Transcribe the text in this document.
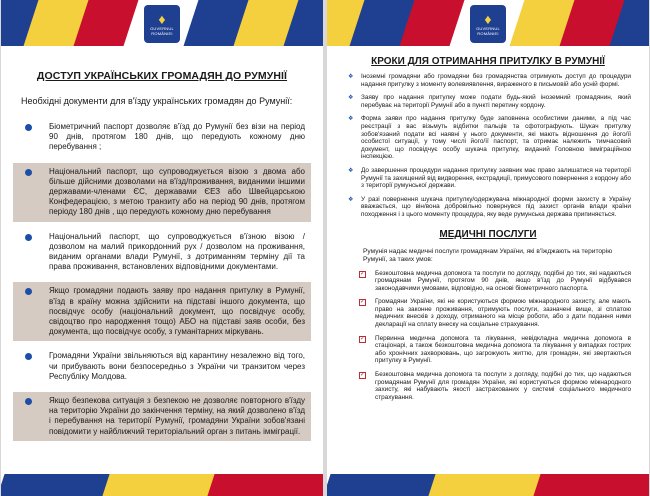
♦
GUVERNUL ROMÂNIEI
ДОСТУП УКРАЇНСЬКИХ ГРОМАДЯН ДО РУМУНІЇ

Необхідні документи для в'їзду українських громадян до Румунії:

Біометричний паспорт дозволяє в'їзд до Румунії без візи на період 90 днів, протягом 180 днів, що передують кожному дню перебування ;
Національний паспорт, що супроводжується візою з двома або більше дійсними дозволами на в'їзд/проживання, виданими іншими державами-членами ЄС, державами ЄЕЗ або Швейцарською Конфедерацією, з метою транзиту або на період 90 днів, протягом періоду 180 днів , що передують кожному дню перебування
Національний паспорт, що супроводжується в'їзною візою / дозволом на малий прикордонний рух / дозволом на проживання, виданим органами влади Румунії, з дотриманням терміну дії та права проживання, встановлених відповідними документами.
Якщо громадяни подають заяву про надання притулку в Румунії, в'їзд в країну можна здійснити на підставі іншого документа, що посвідчує особу (національний документ, що посвідчує особу, свідоцтво про народження тощо) АБО на підставі заяв особи, без документа, що посвідчує особу, з гуманітарних міркувань.
Громадяни України звільняються від карантину незалежно від того, чи прибувають вони безпосередньо з України чи транзитом через Республіку Молдова.
Якщо безпекова ситуація з безпекою не дозволяє повторного в'їзду на територію України до закінчення терміну, на який дозволено в'їзд і перебування на території Румунії, громадяни України зобов'язані повідомити у найближчий територіальний орган з питань імміграції.
♦
GUVERNUL ROMÂNIEI
КРОКИ ДЛЯ ОТРИМАННЯ ПРИТУЛКУ В РУМУНІЇ
❖ Іноземні громадяни або громадяни без громадянства отримують доступ до процедури надання притулку з моменту волевиявлення, вираженого в письмовій або усній формі.
❖ Заяву про надання притулку може подати будь-який іноземний громадянин, який перебуває на території Румунії або в пункті перетину кордону.
❖ Форма заяви про надання притулку буде заповнена особистими даними, а під час реєстрації з вас візьмуть відбитки пальців та сфотографують. Шукач притулку зобов'язаний подати всі наявні у нього документи, які мають відношення до його/її особистої ситуації, у тому числі його/її паспорт, та отримає належить тимчасовий документ, що посвідчує особу шукача притулку, виданий Головною імміграційною інспекцією.
❖ До завершення процедури надання притулку заявник має право залишатися на території Румунії та захищений від видворення, екстрадиції, примусового повернення з кордону або з території румунської держави.
❖ У разі повернення шукача притулку/одержувача міжнародної форми захисту в Україну вважається, що він/вона добровільно повернувся під захист органів влади країни походження і з цього моменту процедура, яку веде румунська держава припиняється.
МЕДИЧНІ ПОСЛУГИ

Румунія надає медичні послуги громадянам України, які в'їжджають на територію Румунії, за таких умов:

✓ Безкоштовна медична допомога та послуги по догляду, подібні до тих, які надаються громадянам Румунії, протягом 90 днів, якщо в'їзд до Румунії відбувався законодавчими умовами, відповідно, на основі біометричного паспорта.
✓ Громадяни України, які не користуються формою міжнародного захисту, але мають право на законне проживання, отримують послуги, зазначені вище, зі сплатою медичних внесків з доходу, отриманого на місце роботи, або з дати подання ними декларації на сплату внеску на соціальне страхування.
✓ Первинна медична допомога та лікування, невідкладна медична допомога в стаціонарі, а також безкоштовна медична допомога та лікування у випадках гострих або хронічних захворювань, що загрожують життю, для громадян, які звертаються притулку в Румунії.
✓ Безкоштовна медична допомога та послуги з догляду, подібні до тих, що надаються громадянам Румунії для громадян України, які користуються формою міжнародного захисту, які набувають якості застрахованих у системі соціального медичного страхування.
